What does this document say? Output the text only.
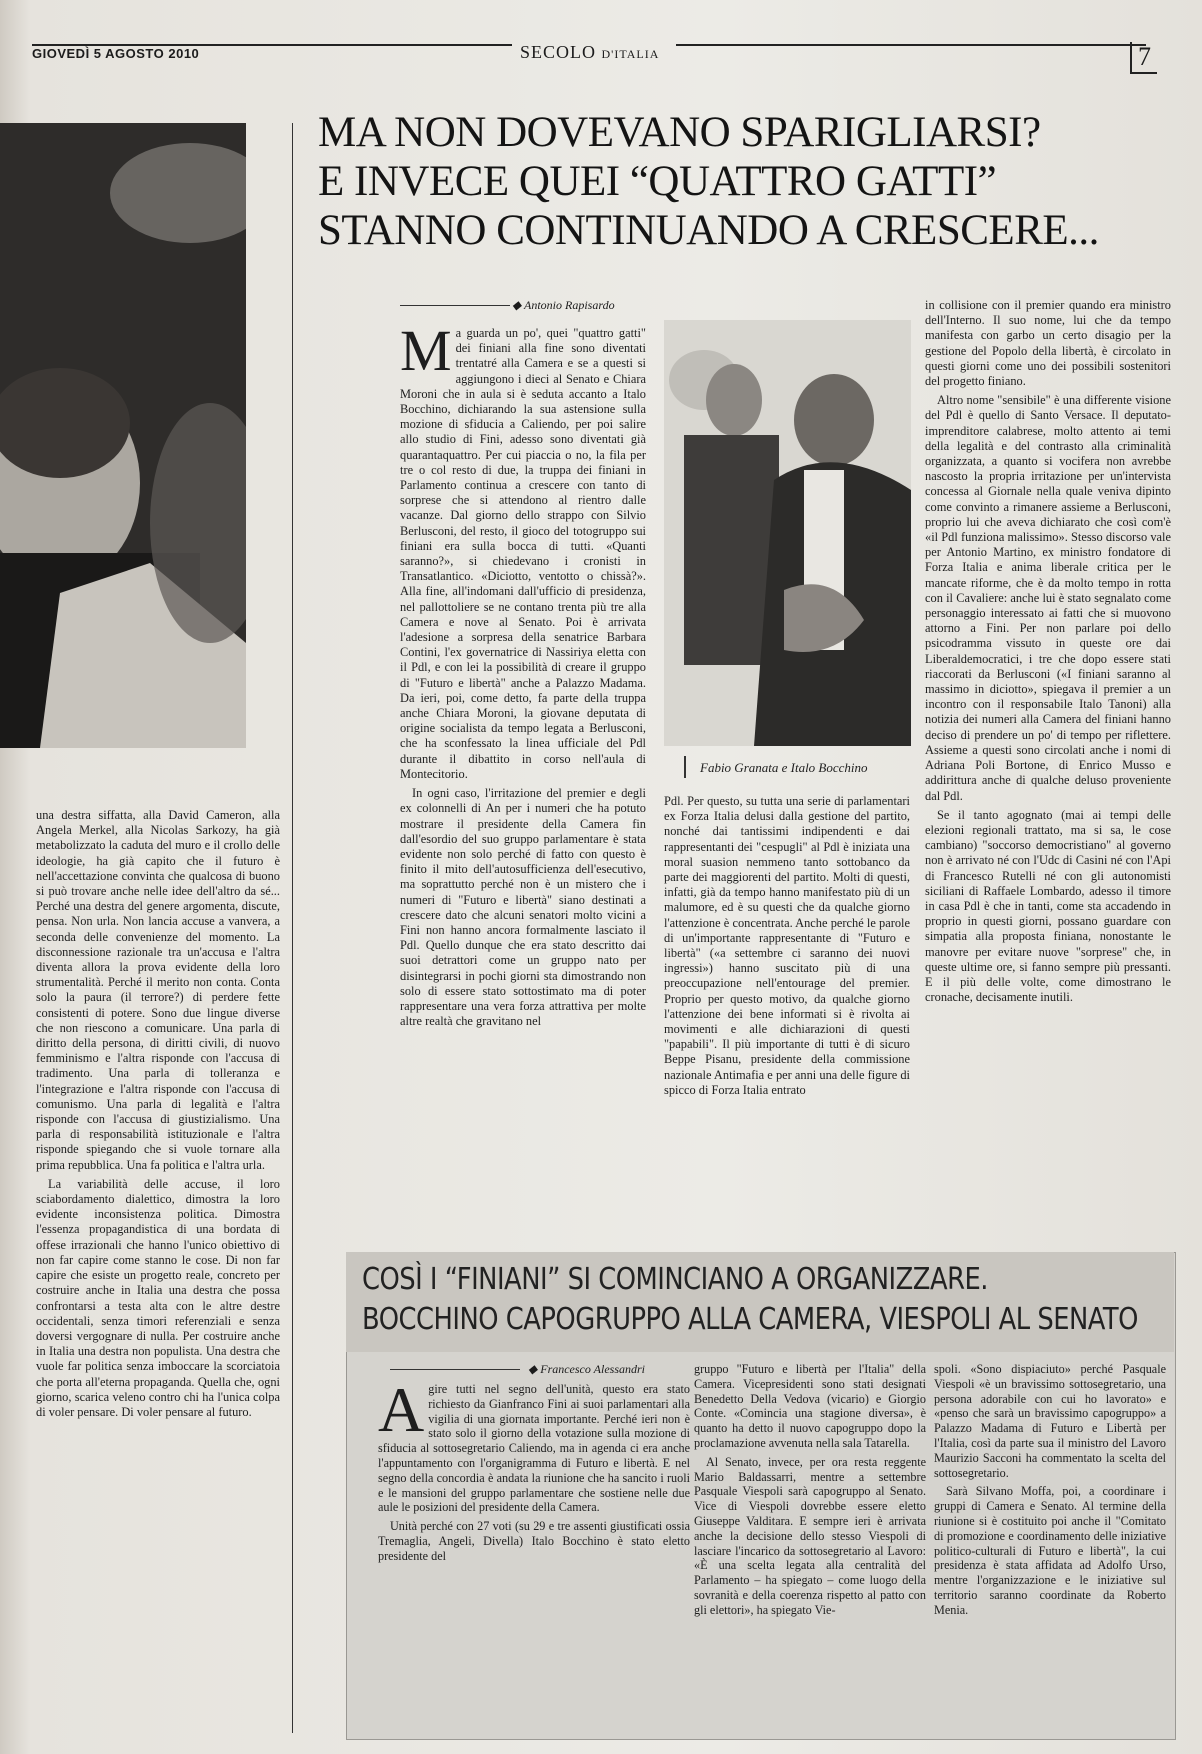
GIOVEDÌ 5 AGOSTO 2010	SECOLO D'ITALIA	7
MA NON DOVEVANO SPARIGLIARSI?
E INVECE QUEI “QUATTRO GATTI”
STANNO CONTINUANDO A CRESCERE...
Fabio Granata e Italo Bocchino
◆ Antonio Rapisardo

Ma guarda un po', quei "quattro gatti" dei finiani alla fine sono diventati trentatré alla Camera e se a questi si aggiungono i dieci al Senato e Chiara Moroni che in aula si è seduta accanto a Italo Bocchino, dichiarando la sua astensione sulla mozione di sfiducia a Caliendo, per poi salire allo studio di Fini, adesso sono diventati già quarantaquattro. Per cui piaccia o no, la fila per tre o col resto di due, la truppa dei finiani in Parlamento continua a crescere con tanto di sorprese che si attendono al rientro dalle vacanze. Dal giorno dello strappo con Silvio Berlusconi, del resto, il gioco del totogruppo sui finiani era sulla bocca di tutti. «Quanti saranno?», si chiedevano i cronisti in Transatlantico. «Diciotto, ventotto o chissà?». Alla fine, all'indomani dall'ufficio di presidenza, nel pallottoliere se ne contano trenta più tre alla Camera e nove al Senato. Poi è arrivata l'adesione a sorpresa della senatrice Barbara Contini, l'ex governatrice di Nassiriya eletta con il Pdl, e con lei la possibilità di creare il gruppo di "Futuro e libertà" anche a Palazzo Madama. Da ieri, poi, come detto, fa parte della truppa anche Chiara Moroni, la giovane deputata di origine socialista da tempo legata a Berlusconi, che ha sconfessato la linea ufficiale del Pdl durante il dibattito in corso nell'aula di Montecitorio.

In ogni caso, l'irritazione del premier e degli ex colonnelli di An per i numeri che ha potuto mostrare il presidente della Camera fin dall'esordio del suo gruppo parlamentare è stata evidente non solo perché di fatto con questo è finito il mito dell'autosufficienza dell'esecutivo, ma soprattutto perché non è un mistero che i numeri di "Futuro e libertà" siano destinati a crescere dato che alcuni senatori molto vicini a Fini non hanno ancora formalmente lasciato il Pdl. Quello dunque che era stato descritto dai suoi detrattori come un gruppo nato per disintegrarsi in pochi giorni sta dimostrando non solo di essere stato sottostimato ma di poter rappresentare una vera forza attrattiva per molte altre realtà che gravitano nel

Pdl. Per questo, su tutta una serie di parlamentari ex Forza Italia delusi dalla gestione del partito, nonché dai tantissimi indipendenti e dai rappresentanti dei "cespugli" al Pdl è iniziata una moral suasion nemmeno tanto sottobanco da parte dei maggiorenti del partito. Molti di questi, infatti, già da tempo hanno manifestato più di un malumore, ed è su questi che da qualche giorno l'attenzione è concentrata. Anche perché le parole di un'importante rappresentante di "Futuro e libertà" («a settembre ci saranno dei nuovi ingressi») hanno suscitato più di una preoccupazione nell'entourage del premier. Proprio per questo motivo, da qualche giorno l'attenzione dei bene informati si è rivolta ai movimenti e alle dichiarazioni di questi "papabili". Il più importante di tutti è di sicuro Beppe Pisanu, presidente della commissione nazionale Antimafia e per anni una delle figure di spicco di Forza Italia entrato

in collisione con il premier quando era ministro dell'Interno. Il suo nome, lui che da tempo manifesta con garbo un certo disagio per la gestione del Popolo della libertà, è circolato in questi giorni come uno dei possibili sostenitori del progetto finiano.

Altro nome "sensibile" è una differente visione del Pdl è quello di Santo Versace. Il deputato-imprenditore calabrese, molto attento ai temi della legalità e del contrasto alla criminalità organizzata, a quanto si vocifera non avrebbe nascosto la propria irritazione per un'intervista concessa al Giornale nella quale veniva dipinto come convinto a rimanere assieme a Berlusconi, proprio lui che aveva dichiarato che così com'è «il Pdl funziona malissimo». Stesso discorso vale per Antonio Martino, ex ministro fondatore di Forza Italia e anima liberale critica per le mancate riforme, che è da molto tempo in rotta con il Cavaliere: anche lui è stato segnalato come personaggio interessato ai fatti che si muovono attorno a Fini. Per non parlare poi dello psicodramma vissuto in queste ore dai Liberaldemocratici, i tre che dopo essere stati riaccorati da Berlusconi («I finiani saranno al massimo in diciotto», spiegava il premier a un incontro con il responsabile Italo Tanoni) alla notizia dei numeri alla Camera del finiani hanno deciso di prendere un po' di tempo per riflettere. Assieme a questi sono circolati anche i nomi di Adriana Poli Bortone, di Enrico Musso e addirittura anche di qualche deluso proveniente dal Pdl.

Se il tanto agognato (mai ai tempi delle elezioni regionali trattato, ma si sa, le cose cambiano) "soccorso democristiano" al governo non è arrivato né con l'Udc di Casini né con l'Api di Francesco Rutelli né con gli autonomisti siciliani di Raffaele Lombardo, adesso il timore in casa Pdl è che in tanti, come sta accadendo in proprio in questi giorni, possano guardare con simpatia alla proposta finiana, nonostante le manovre per evitare nuove "sorprese" che, in queste ultime ore, si fanno sempre più pressanti. E il più delle volte, come dimostrano le cronache, decisamente inutili.

una destra siffatta, alla David Cameron, alla Angela Merkel, alla Nicolas Sarkozy, ha già metabolizzato la caduta del muro e il crollo delle ideologie, ha già capito che il futuro è nell'accettazione convinta che qualcosa di buono si può trovare anche nelle idee dell'altro da sé... Perché una destra del genere argomenta, discute, pensa. Non urla. Non lancia accuse a vanvera, a seconda delle convenienze del momento. La disconnessione razionale tra un'accusa e l'altra diventa allora la prova evidente della loro strumentalità. Perché il merito non conta. Conta solo la paura (il terrore?) di perdere fette consistenti di potere. Sono due lingue diverse che non riescono a comunicare. Una parla di diritto della persona, di diritti civili, di nuovo femminismo e l'altra risponde con l'accusa di tradimento. Una parla di tolleranza e l'integrazione e l'altra risponde con l'accusa di comunismo. Una parla di legalità e l'altra risponde con l'accusa di giustizialismo. Una parla di responsabilità istituzionale e l'altra risponde spiegando che si vuole tornare alla prima repubblica. Una fa politica e l'altra urla.

La variabilità delle accuse, il loro sciabordamento dialettico, dimostra la loro evidente inconsistenza politica. Dimostra l'essenza propagandistica di una bordata di offese irrazionali che hanno l'unico obiettivo di non far capire come stanno le cose. Di non far capire che esiste un progetto reale, concreto per costruire anche in Italia una destra che possa confrontarsi a testa alta con le altre destre occidentali, senza timori referenziali e senza doversi vergognare di nulla. Per costruire anche in Italia una destra non populista. Una destra che vuole far politica senza imboccare la scorciatoia che porta all'eterna propaganda. Quella che, ogni giorno, scarica veleno contro chi ha l'unica colpa di voler pensare. Di voler pensare al futuro.

COSÌ I “FINIANI” SI COMINCIANO A ORGANIZZARE.
BOCCHINO CAPOGRUPPO ALLA CAMERA, VIESPOLI AL SENATO
◆ Francesco Alessandri

Agire tutti nel segno dell'unità, questo era stato richiesto da Gianfranco Fini ai suoi parlamentari alla vigilia di una giornata importante. Perché ieri non è stato solo il giorno della votazione sulla mozione di sfiducia al sottosegretario Caliendo, ma in agenda ci era anche l'appuntamento con l'organigramma di Futuro e libertà. E nel segno della concordia è andata la riunione che ha sancito i ruoli e le mansioni del gruppo parlamentare che sostiene nelle due aule le posizioni del presidente della Camera.

Unità perché con 27 voti (su 29 e tre assenti giustificati ossia Tremaglia, Angeli, Divella) Italo Bocchino è stato eletto presidente del

gruppo "Futuro e libertà per l'Italia" della Camera. Vicepresidenti sono stati designati Benedetto Della Vedova (vicario) e Giorgio Conte. «Comincia una stagione diversa», è quanto ha detto il nuovo capogruppo dopo la proclamazione avvenuta nella sala Tatarella.

Al Senato, invece, per ora resta reggente Mario Baldassarri, mentre a settembre Pasquale Viespoli sarà capogruppo al Senato. Vice di Viespoli dovrebbe essere eletto Giuseppe Valditara. E sempre ieri è arrivata anche la decisione dello stesso Viespoli di lasciare l'incarico da sottosegretario al Lavoro: «È una scelta legata alla centralità del Parlamento – ha spiegato – come luogo della sovranità e della coerenza rispetto al patto con gli elettori», ha spiegato Vie-

spoli. «Sono dispiaciuto» perché Pasquale Viespoli «è un bravissimo sottosegretario, una persona adorabile con cui ho lavorato» e «penso che sarà un bravissimo capogruppo» a Palazzo Madama di Futuro e Libertà per l'Italia, così da parte sua il ministro del Lavoro Maurizio Sacconi ha commentato la scelta del sottosegretario.

Sarà Silvano Moffa, poi, a coordinare i gruppi di Camera e Senato. Al termine della riunione si è costituito poi anche il "Comitato di promozione e coordinamento delle iniziative politico-culturali di Futuro e libertà", la cui presidenza è stata affidata ad Adolfo Urso, mentre l'organizzazione e le iniziative sul territorio saranno coordinate da Roberto Menia.
